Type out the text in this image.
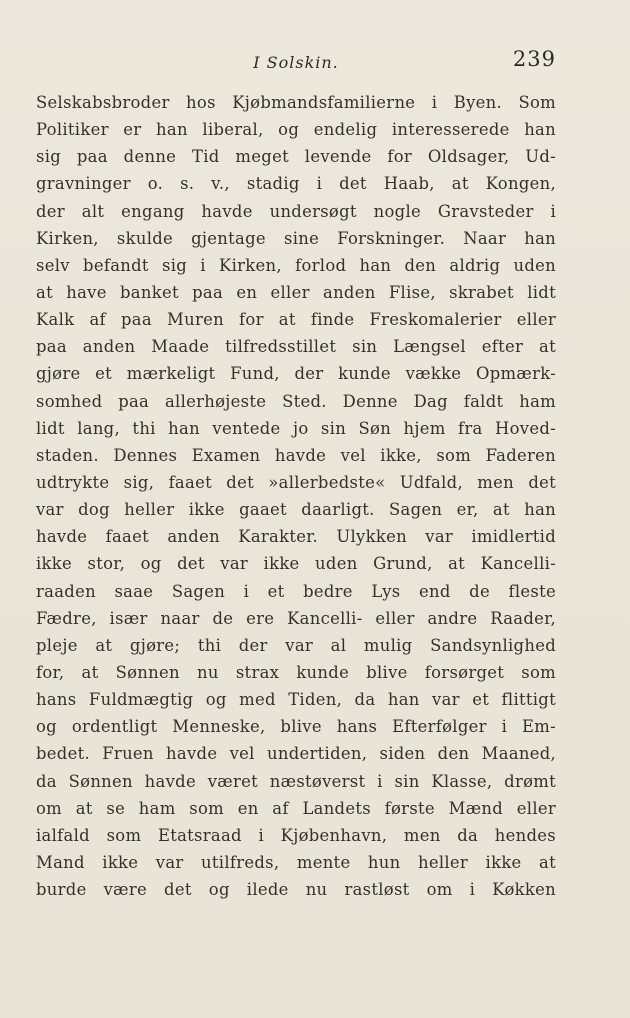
I Solskin.	239
Selskabsbroder hos Kjøbmandsfamilierne i Byen. Som
Politiker er han liberal, og endelig interesserede han
sig paa denne Tid meget levende for Oldsager, Ud-
gravninger o. s. v., stadig i det Haab, at Kongen,
der alt engang havde undersøgt nogle Gravsteder i
Kirken, skulde gjentage sine Forskninger. Naar han
selv befandt sig i Kirken, forlod han den aldrig uden
at have banket paa en eller anden Flise, skrabet lidt
Kalk af paa Muren for at finde Freskomalerier eller
paa anden Maade tilfredsstillet sin Længsel efter at
gjøre et mærkeligt Fund, der kunde vække Opmærk-
somhed paa allerhøjeste Sted. Denne Dag faldt ham
lidt lang, thi han ventede jo sin Søn hjem fra Hoved-
staden. Dennes Examen havde vel ikke, som Faderen
udtrykte sig, faaet det »allerbedste« Udfald, men det
var dog heller ikke gaaet daarligt. Sagen er, at han
havde faaet anden Karakter. Ulykken var imidlertid
ikke stor, og det var ikke uden Grund, at Kancelli-
raaden saae Sagen i et bedre Lys end de fleste
Fædre, især naar de ere Kancelli- eller andre Raader,
pleje at gjøre; thi der var al mulig Sandsynlighed
for, at Sønnen nu strax kunde blive forsørget som
hans Fuldmægtig og med Tiden, da han var et flittigt
og ordentligt Menneske, blive hans Efterfølger i Em-
bedet. Fruen havde vel undertiden, siden den Maaned,
da Sønnen havde været næstøverst i sin Klasse, drømt
om at se ham som en af Landets første Mænd eller
ialfald som Etatsraad i Kjøbenhavn, men da hendes
Mand ikke var utilfreds, mente hun heller ikke at
burde være det og ilede nu rastløst om i Køkken
